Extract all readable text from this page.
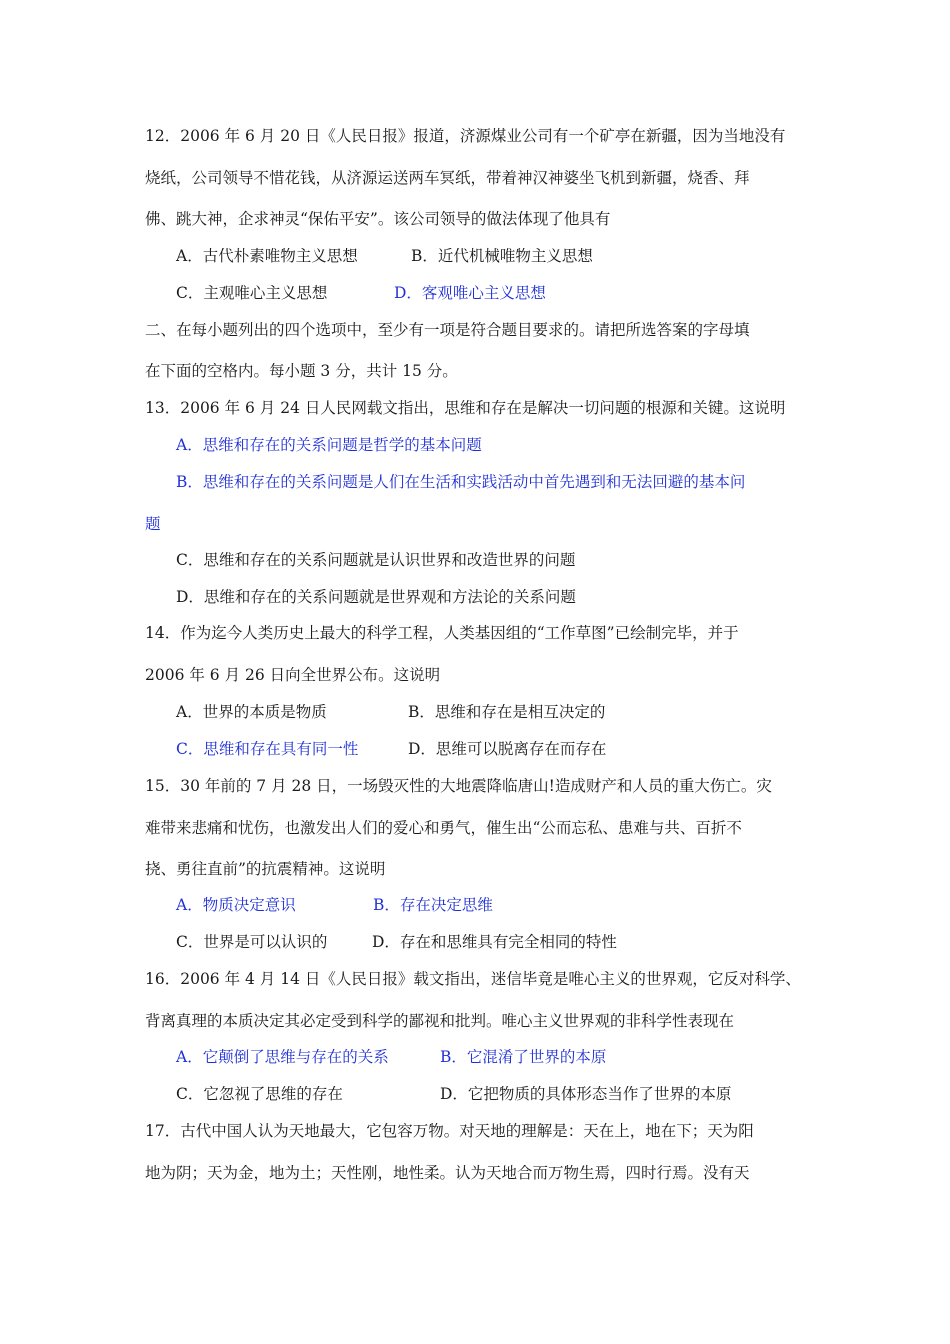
12．2006 年 6 月 20 日《人民日报》报道，济源煤业公司有一个矿亭在新疆，因为当地没有
烧纸，公司领导不惜花钱，从济源运送两车冥纸，带着神汉神婆坐飞机到新疆，烧香、拜
佛、跳大神，企求神灵“保佑平安”。该公司领导的做法体现了他具有
A．古代朴素唯物主义思想	B．近代机械唯物主义思想
C．主观唯心主义思想	D．客观唯心主义思想
二、在每小题列出的四个选项中，至少有一项是符合题目要求的。请把所选答案的字母填
在下面的空格内。每小题 3 分，共计 15 分。
13．2006 年 6 月 24 日人民网载文指出，思维和存在是解决一切问题的根源和关键。这说明
A．思维和存在的关系问题是哲学的基本问题
B．思维和存在的关系问题是人们在生活和实践活动中首先遇到和无法回避的基本问
题
C．思维和存在的关系问题就是认识世界和改造世界的问题
D．思维和存在的关系问题就是世界观和方法论的关系问题
14．作为迄今人类历史上最大的科学工程，人类基因组的“工作草图”已绘制完毕，并于
2006 年 6 月 26 日向全世界公布。这说明
A．世界的本质是物质	B．思维和存在是相互决定的
C．思维和存在具有同一性	D．思维可以脱离存在而存在
15．30 年前的 7 月 28 日，一场毁灭性的大地震降临唐山!造成财产和人员的重大伤亡。灾
难带来悲痛和忧伤，也激发出人们的爱心和勇气，催生出“公而忘私、患难与共、百折不
挠、勇往直前”的抗震精神。这说明
A．物质决定意识	B．存在决定思维
C．世界是可以认识的	D．存在和思维具有完全相同的特性
16．2006 年 4 月 14 日《人民日报》载文指出，迷信毕竟是唯心主义的世界观，它反对科学、
背离真理的本质决定其必定受到科学的鄙视和批判。唯心主义世界观的非科学性表现在
A．它颠倒了思维与存在的关系	B．它混淆了世界的本原
C．它忽视了思维的存在	D．它把物质的具体形态当作了世界的本原
17．古代中国人认为天地最大，它包容万物。对天地的理解是：天在上，地在下；天为阳
地为阴；天为金，地为土；天性刚，地性柔。认为天地合而万物生焉，四时行焉。没有天
